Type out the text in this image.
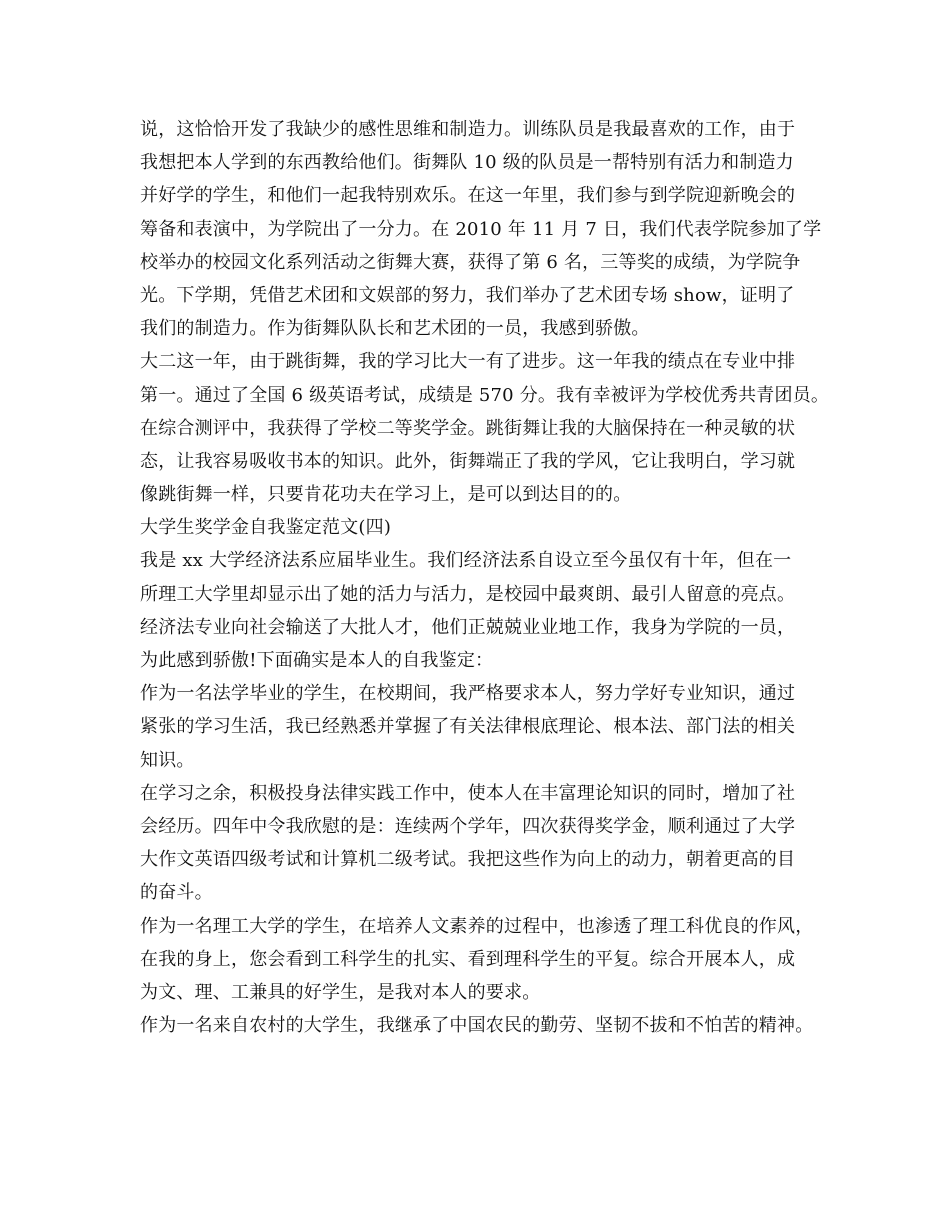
说，这恰恰开发了我缺少的感性思维和制造力。训练队员是我最喜欢的工作，由于
我想把本人学到的东西教给他们。街舞队 10 级的队员是一帮特别有活力和制造力
并好学的学生，和他们一起我特别欢乐。在这一年里，我们参与到学院迎新晚会的
筹备和表演中，为学院出了一分力。在 2010 年 11 月 7 日，我们代表学院参加了学
校举办的校园文化系列活动之街舞大赛，获得了第 6 名，三等奖的成绩，为学院争
光。下学期，凭借艺术团和文娱部的努力，我们举办了艺术团专场 show，证明了
我们的制造力。作为街舞队队长和艺术团的一员，我感到骄傲。
大二这一年，由于跳街舞，我的学习比大一有了进步。这一年我的绩点在专业中排
第一。通过了全国 6 级英语考试，成绩是 570 分。我有幸被评为学校优秀共青团员。
在综合测评中，我获得了学校二等奖学金。跳街舞让我的大脑保持在一种灵敏的状
态，让我容易吸收书本的知识。此外，街舞端正了我的学风，它让我明白，学习就
像跳街舞一样，只要肯花功夫在学习上，是可以到达目的的。
大学生奖学金自我鉴定范文(四)
我是 xx 大学经济法系应届毕业生。我们经济法系自设立至今虽仅有十年，但在一
所理工大学里却显示出了她的活力与活力，是校园中最爽朗、最引人留意的亮点。
经济法专业向社会输送了大批人才，他们正兢兢业业地工作，我身为学院的一员，
为此感到骄傲!下面确实是本人的自我鉴定：
作为一名法学毕业的学生，在校期间，我严格要求本人，努力学好专业知识，通过
紧张的学习生活，我已经熟悉并掌握了有关法律根底理论、根本法、部门法的相关
知识。
在学习之余，积极投身法律实践工作中，使本人在丰富理论知识的同时，增加了社
会经历。四年中令我欣慰的是：连续两个学年，四次获得奖学金，顺利通过了大学
大作文英语四级考试和计算机二级考试。我把这些作为向上的动力，朝着更高的目
的奋斗。
作为一名理工大学的学生，在培养人文素养的过程中，也渗透了理工科优良的作风，
在我的身上，您会看到工科学生的扎实、看到理科学生的平复。综合开展本人，成
为文、理、工兼具的好学生，是我对本人的要求。
作为一名来自农村的大学生，我继承了中国农民的勤劳、坚韧不拔和不怕苦的精神。
